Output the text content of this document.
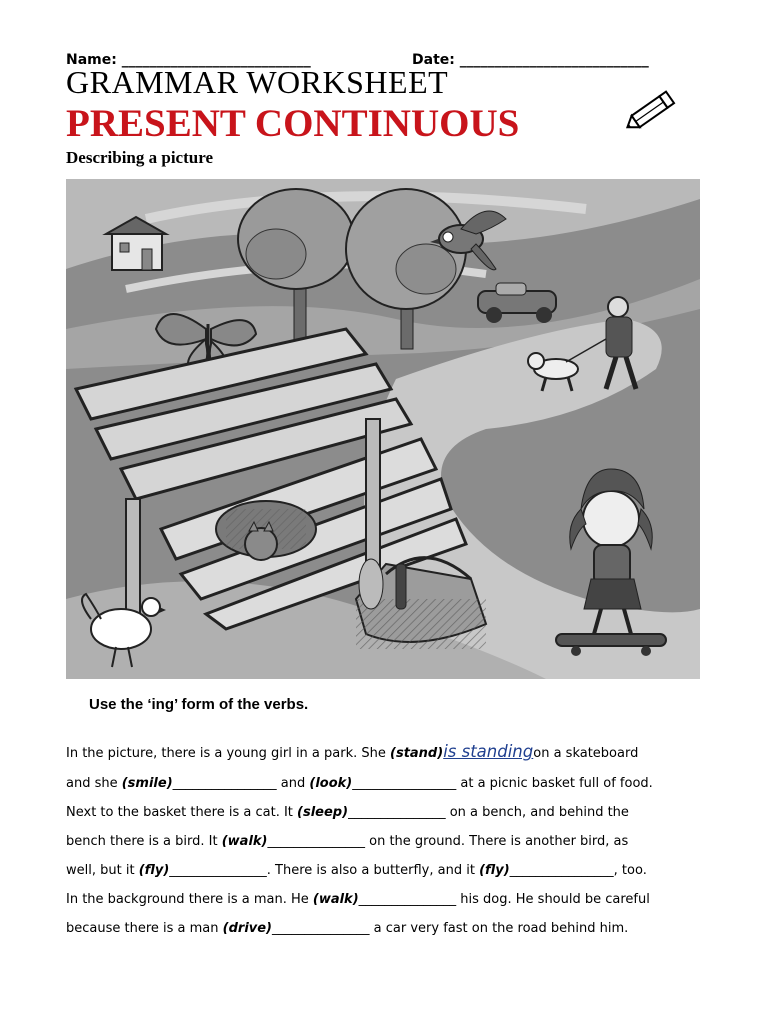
Name: ___________________________	Date: ___________________________
GRAMMAR WORKSHEET
PRESENT CONTINUOUS
Describing a picture
Use the ‘ing’ form of the verbs.
In the picture, there is a young girl in a park. She (stand)is standingon a skateboard
and she (smile)________________ and (look)________________ at a picnic basket full of food.
Next to the basket there is a cat. It (sleep)_______________ on a bench, and behind the
bench there is a bird. It (walk)_______________ on the ground. There is another bird, as
well, but it (fly)_______________. There is also a butterfly, and it (fly)________________, too.
In the background there is a man. He (walk)_______________ his dog. He should be careful
because there is a man (drive)_______________ a car very fast on the road behind him.
